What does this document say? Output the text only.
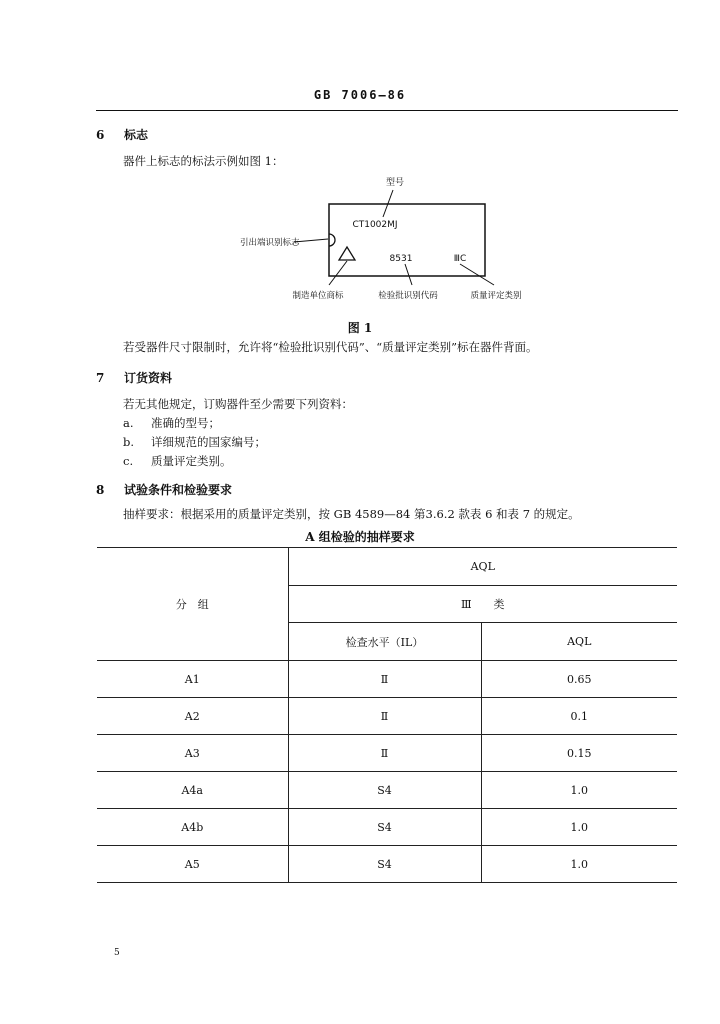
GB 7006—86
6 标志
器件上标志的标法示例如图 1：
型号
CT1002MJ
引出端识别标志
8531	ⅢC
制造单位商标	检验批识别代码	质量评定类别
图 1
若受器件尺寸限制时，允许将“检验批识别代码”、“质量评定类别”标在器件背面。
7 订货资料
若无其他规定，订购器件至少需要下列资料：
a. 准确的型号；
b. 详细规范的国家编号；
c. 质量评定类别。
8 试验条件和检验要求
抽样要求：根据采用的质量评定类别，按 GB 4589—84 第3.6.2 款表 6 和表 7 的规定。
A 组检验的抽样要求
分　组	AQL	
	Ⅲ　　类	
	检查水平（IL）	AQL
A1	Ⅱ	0.65
A2	Ⅱ	0.1
A3	Ⅱ	0.15
A4a	S4	1.0
A4b	S4	1.0
A5	S4	1.0
5
